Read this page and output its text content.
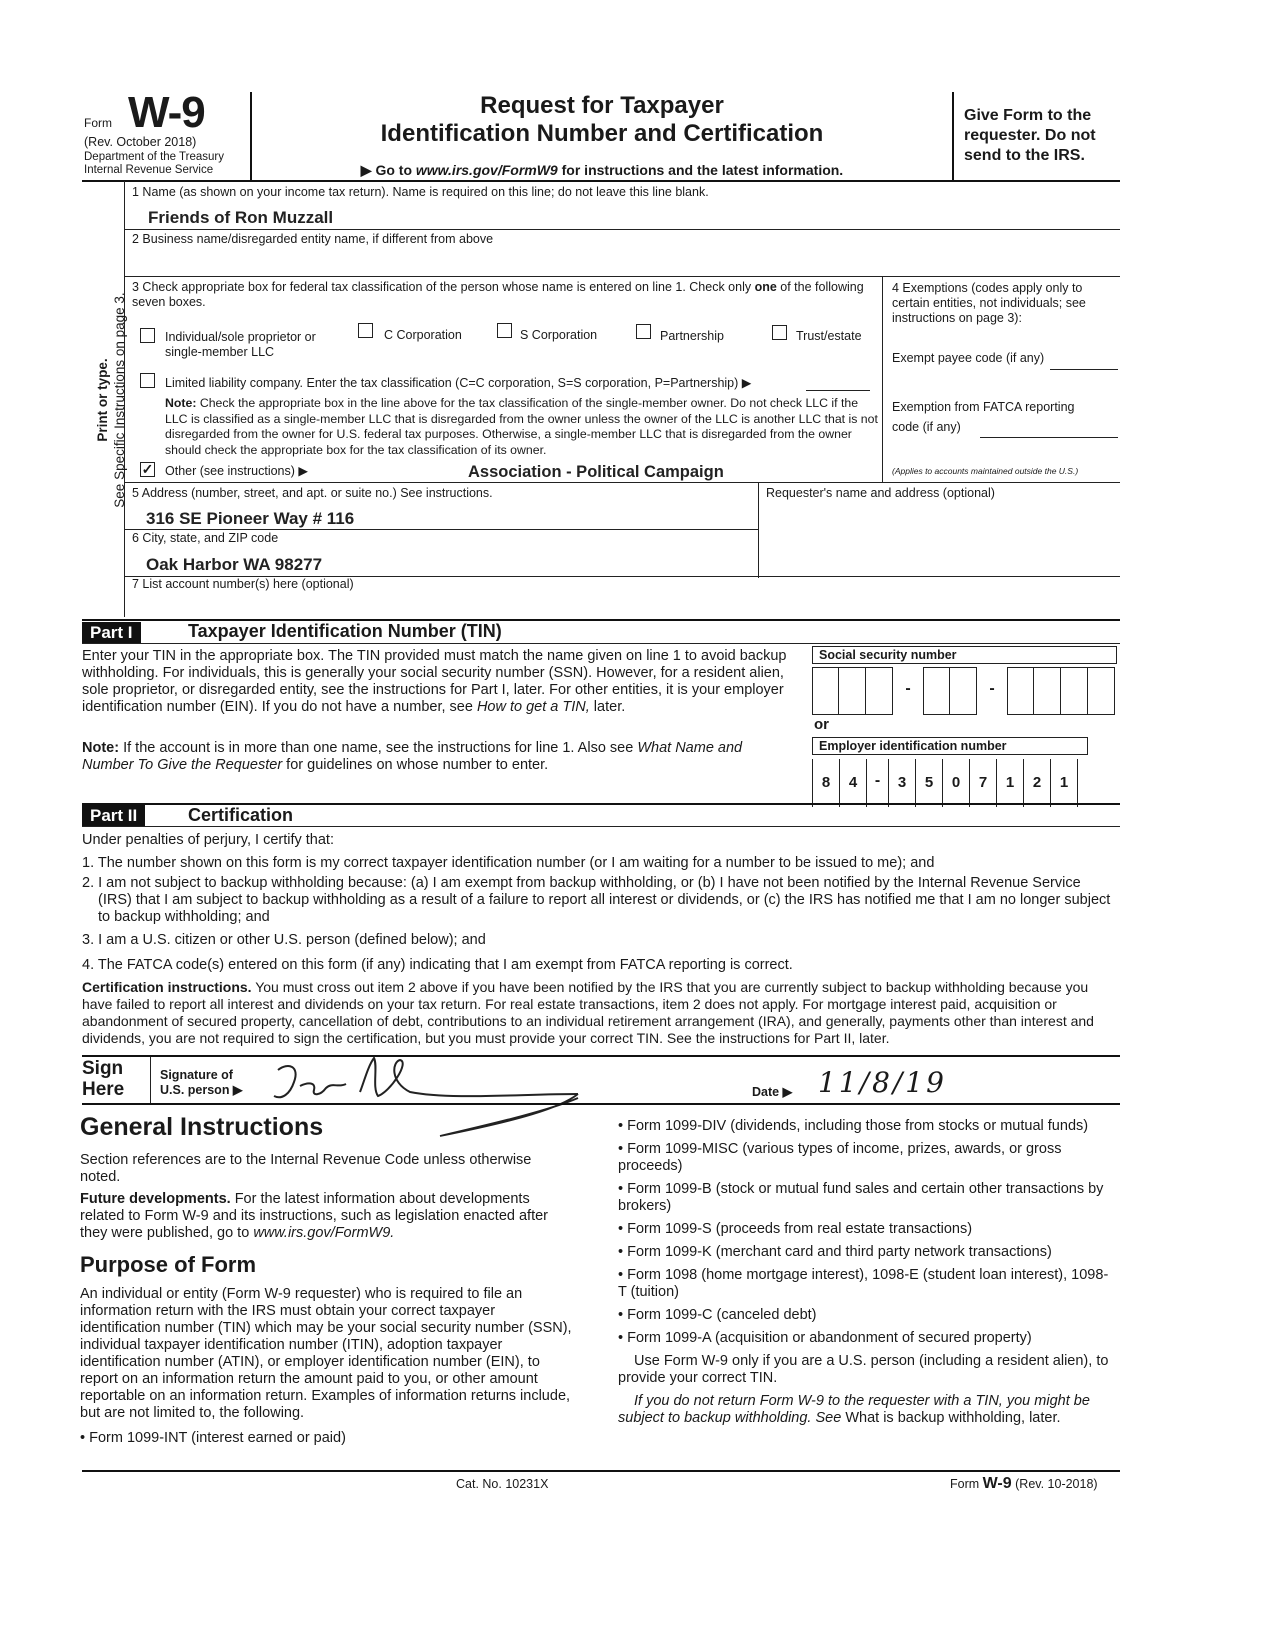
Form W-9
(Rev. October 2018)
Department of the Treasury
Internal Revenue Service
Request for Taxpayer
Identification Number and Certification
▶ Go to www.irs.gov/FormW9 for instructions and the latest information.
Give Form to the requester. Do not send to the IRS.
Print or type. See Specific Instructions on page 3.
1 Name (as shown on your income tax return). Name is required on this line; do not leave this line blank.
Friends of Ron Muzzall
2 Business name/disregarded entity name, if different from above
3 Check appropriate box for federal tax classification of the person whose name is entered on line 1. Check only one of the following seven boxes.
Individual/sole proprietor or single-member LLC
C Corporation	S Corporation	Partnership	Trust/estate
Limited liability company. Enter the tax classification (C=C corporation, S=S corporation, P=Partnership) ▶
Note: Check the appropriate box in the line above for the tax classification of the single-member owner. Do not check LLC if the LLC is classified as a single-member LLC that is disregarded from the owner unless the owner of the LLC is another LLC that is not disregarded from the owner for U.S. federal tax purposes. Otherwise, a single-member LLC that is disregarded from the owner should check the appropriate box for the tax classification of its owner.
✓ Other (see instructions) ▶	Association - Political Campaign
4 Exemptions (codes apply only to certain entities, not individuals; see instructions on page 3):
Exempt payee code (if any)
Exemption from FATCA reporting
code (if any)
(Applies to accounts maintained outside the U.S.)
5 Address (number, street, and apt. or suite no.) See instructions.
316 SE Pioneer Way # 116
Requester's name and address (optional)
6 City, state, and ZIP code
Oak Harbor WA 98277
7 List account number(s) here (optional)
Part I	Taxpayer Identification Number (TIN)
Enter your TIN in the appropriate box. The TIN provided must match the name given on line 1 to avoid backup withholding. For individuals, this is generally your social security number (SSN). However, for a resident alien, sole proprietor, or disregarded entity, see the instructions for Part I, later. For other entities, it is your employer identification number (EIN). If you do not have a number, see How to get a TIN, later.
Note: If the account is in more than one name, see the instructions for line 1. Also see What Name and Number To Give the Requester for guidelines on whose number to enter.
Social security number
-	-
or
Employer identification number
8	4	-	3	5	0	7	1	2	1
Part II	Certification
Under penalties of perjury, I certify that:
1. The number shown on this form is my correct taxpayer identification number (or I am waiting for a number to be issued to me); and
2. I am not subject to backup withholding because: (a) I am exempt from backup withholding, or (b) I have not been notified by the Internal Revenue Service (IRS) that I am subject to backup withholding as a result of a failure to report all interest or dividends, or (c) the IRS has notified me that I am no longer subject to backup withholding; and
3. I am a U.S. citizen or other U.S. person (defined below); and
4. The FATCA code(s) entered on this form (if any) indicating that I am exempt from FATCA reporting is correct.
Certification instructions. You must cross out item 2 above if you have been notified by the IRS that you are currently subject to backup withholding because you have failed to report all interest and dividends on your tax return. For real estate transactions, item 2 does not apply. For mortgage interest paid, acquisition or abandonment of secured property, cancellation of debt, contributions to an individual retirement arrangement (IRA), and generally, payments other than interest and dividends, you are not required to sign the certification, but you must provide your correct TIN. See the instructions for Part II, later.
Sign
Here
Signature of
U.S. person ▶	Date ▶ 11/8/19
General Instructions
Section references are to the Internal Revenue Code unless otherwise noted.
Future developments. For the latest information about developments related to Form W-9 and its instructions, such as legislation enacted after they were published, go to www.irs.gov/FormW9.
Purpose of Form
An individual or entity (Form W-9 requester) who is required to file an information return with the IRS must obtain your correct taxpayer identification number (TIN) which may be your social security number (SSN), individual taxpayer identification number (ITIN), adoption taxpayer identification number (ATIN), or employer identification number (EIN), to report on an information return the amount paid to you, or other amount reportable on an information return. Examples of information returns include, but are not limited to, the following.
• Form 1099-INT (interest earned or paid)
• Form 1099-DIV (dividends, including those from stocks or mutual funds)
• Form 1099-MISC (various types of income, prizes, awards, or gross proceeds)
• Form 1099-B (stock or mutual fund sales and certain other transactions by brokers)
• Form 1099-S (proceeds from real estate transactions)
• Form 1099-K (merchant card and third party network transactions)
• Form 1098 (home mortgage interest), 1098-E (student loan interest), 1098-T (tuition)
• Form 1099-C (canceled debt)
• Form 1099-A (acquisition or abandonment of secured property)
Use Form W-9 only if you are a U.S. person (including a resident alien), to provide your correct TIN.
If you do not return Form W-9 to the requester with a TIN, you might be subject to backup withholding. See What is backup withholding, later.
Cat. No. 10231X	Form W-9 (Rev. 10-2018)
